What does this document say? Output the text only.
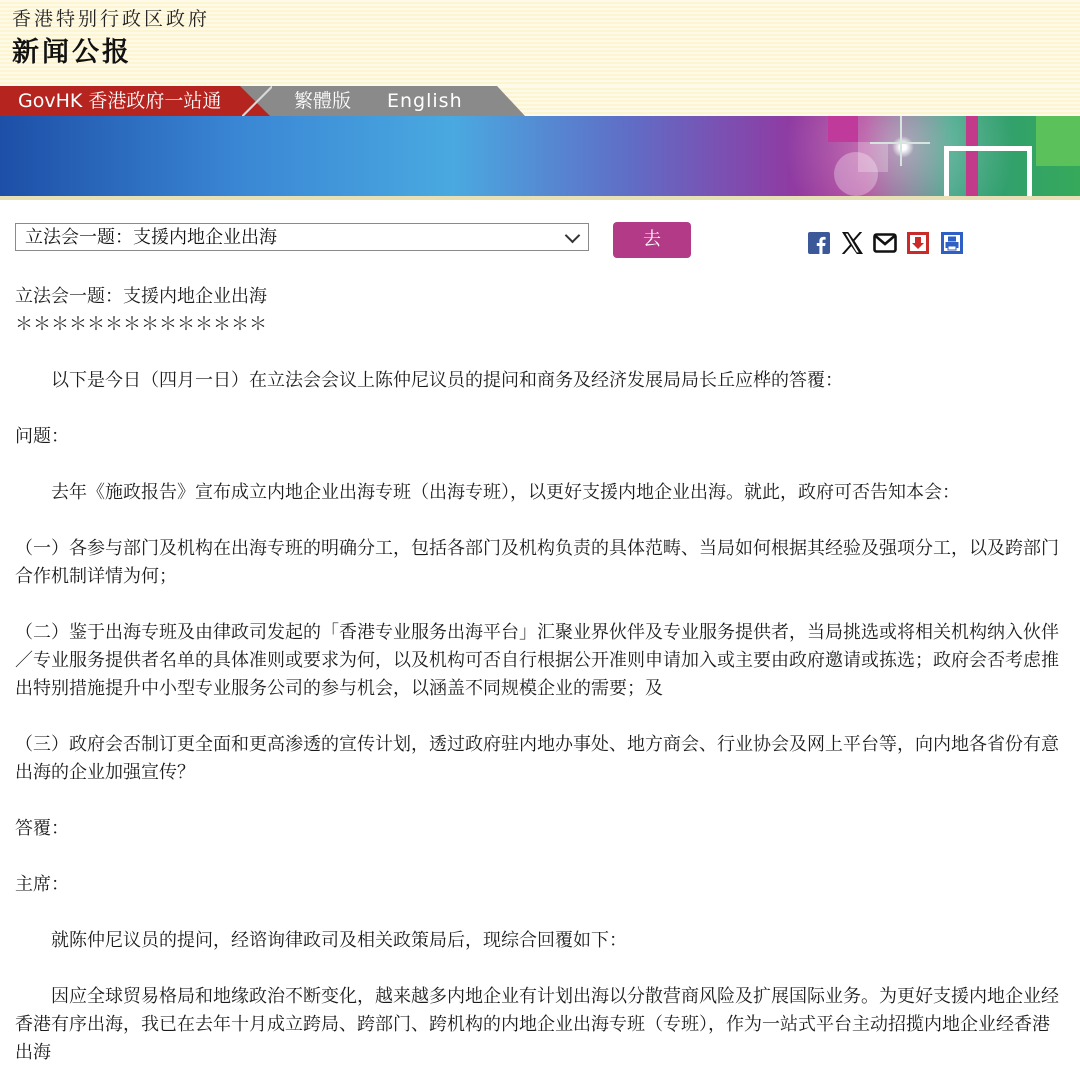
香港特别行政区政府
新闻公报
GovHK 香港政府一站通	繁體版 English
立法会一题：支援内地企业出海	去

立法会一题：支援内地企业出海

＊＊＊＊＊＊＊＊＊＊＊＊＊＊

　　以下是今日（四月一日）在立法会会议上陈仲尼议员的提问和商务及经济发展局局长丘应桦的答覆：

问题：

　　去年《施政报告》宣布成立内地企业出海专班（出海专班），以更好支援内地企业出海。就此，政府可否告知本会：

（一）各参与部门及机构在出海专班的明确分工，包括各部门及机构负责的具体范畴、当局如何根据其经验及强项分工，以及跨部门合作机制详情为何；

（二）鉴于出海专班及由律政司发起的「香港专业服务出海平台」汇聚业界伙伴及专业服务提供者，当局挑选或将相关机构纳入伙伴／专业服务提供者名单的具体准则或要求为何，以及机构可否自行根据公开准则申请加入或主要由政府邀请或拣选；政府会否考虑推出特别措施提升中小型专业服务公司的参与机会，以涵盖不同规模企业的需要；及

（三）政府会否制订更全面和更高渗透的宣传计划，透过政府驻内地办事处、地方商会、行业协会及网上平台等，向内地各省份有意出海的企业加强宣传？

答覆：

主席：

　　就陈仲尼议员的提问，经谘询律政司及相关政策局后，现综合回覆如下：

　　因应全球贸易格局和地缘政治不断变化，越来越多内地企业有计划出海以分散营商风险及扩展国际业务。为更好支援内地企业经香港有序出海，我已在去年十月成立跨局、跨部门、跨机构的内地企业出海专班（专班），作为一站式平台主动招揽内地企业经香港出海
